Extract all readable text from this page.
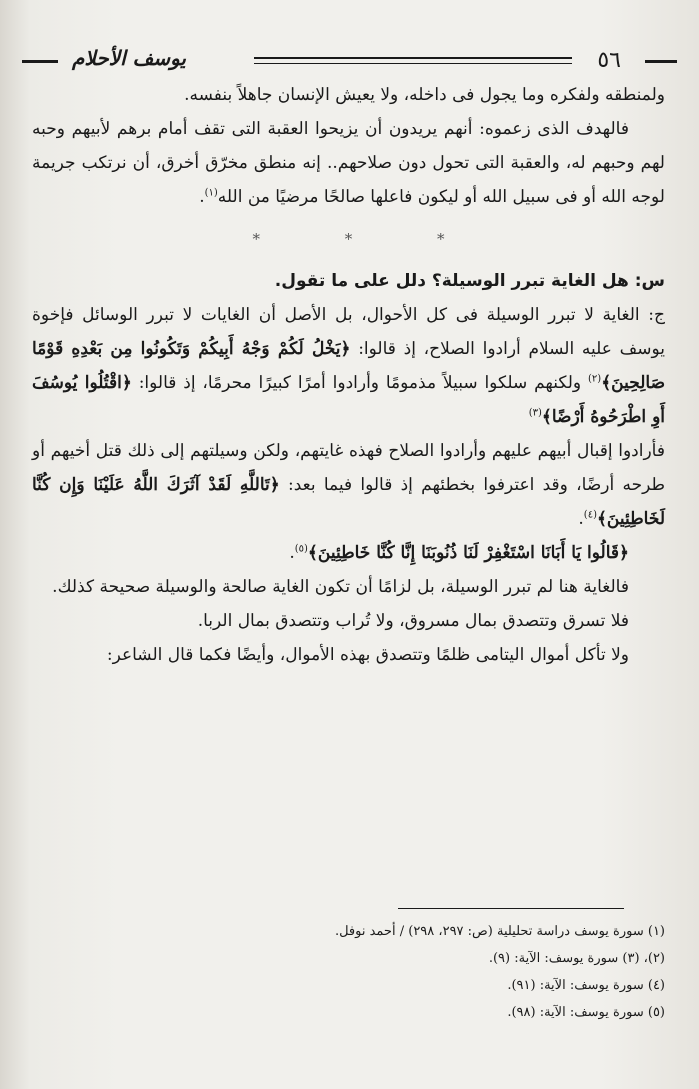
٥٦
يوسف الأحلام

ولمنطقه ولفكره وما يجول فى داخله، ولا يعيش الإنسان جاهلاً بنفسه.

فالهدف الذى زعموه: أنهم يريدون أن يزيحوا العقبة التى تقف أمام برهم لأبيهم وحبه لهم وحبهم له، والعقبة التى تحول دون صلاحهم.. إنه منطق مخرّق أخرق، أن نرتكب جريمة لوجه الله أو فى سبيل الله أو ليكون فاعلها صالحًا مرضيًا من الله$^{(١)}$.

* * *

س: هل الغاية تبرر الوسيلة؟ دلل على ما تقول.

ج: الغاية لا تبرر الوسيلة فى كل الأحوال، بل الأصل أن الغايات لا تبرر الوسائل فإخوة يوسف عليه السلام أرادوا الصلاح، إذ قالوا: ﴿يَخْلُ لَكُمْ وَجْهُ أَبِيكُمْ وَتَكُونُوا مِن بَعْدِهِ قَوْمًا صَالِحِينَ﴾$^{(٢)}$ ولكنهم سلكوا سبيلاً مذمومًا وأرادوا أمرًا كبيرًا محرمًا، إذ قالوا: ﴿اقْتُلُوا يُوسُفَ أَوِ اطْرَحُوهُ أَرْضًا﴾$^{(٣)}$

فأرادوا إقبال أبيهم عليهم وأرادوا الصلاح فهذه غايتهم، ولكن وسيلتهم إلى ذلك قتل أخيهم أو طرحه أرضًا، وقد اعترفوا بخطئهم إذ قالوا فيما بعد: ﴿تَاللَّهِ لَقَدْ آثَرَكَ اللَّهُ عَلَيْنَا وَإِن كُنَّا لَخَاطِئِينَ﴾$^{(٤)}$.

﴿قَالُوا يَا أَبَانَا اسْتَغْفِرْ لَنَا ذُنُوبَنَا إِنَّا كُنَّا خَاطِئِينَ﴾$^{(٥)}$.

فالغاية هنا لم تبرر الوسيلة، بل لزامًا أن تكون الغاية صالحة والوسيلة صحيحة كذلك.

فلا تسرق وتتصدق بمال مسروق، ولا تُراب وتتصدق بمال الربا.

ولا تأكل أموال اليتامى ظلمًا وتتصدق بهذه الأموال، وأيضًا فكما قال الشاعر:

(١) سورة يوسف دراسة تحليلية (ص: ٢٩٧، ٢٩٨) / أحمد نوفل.
(٢)، (٣) سورة يوسف: الآية: (٩).
(٤) سورة يوسف: الآية: (٩١).
(٥) سورة يوسف: الآية: (٩٨).
